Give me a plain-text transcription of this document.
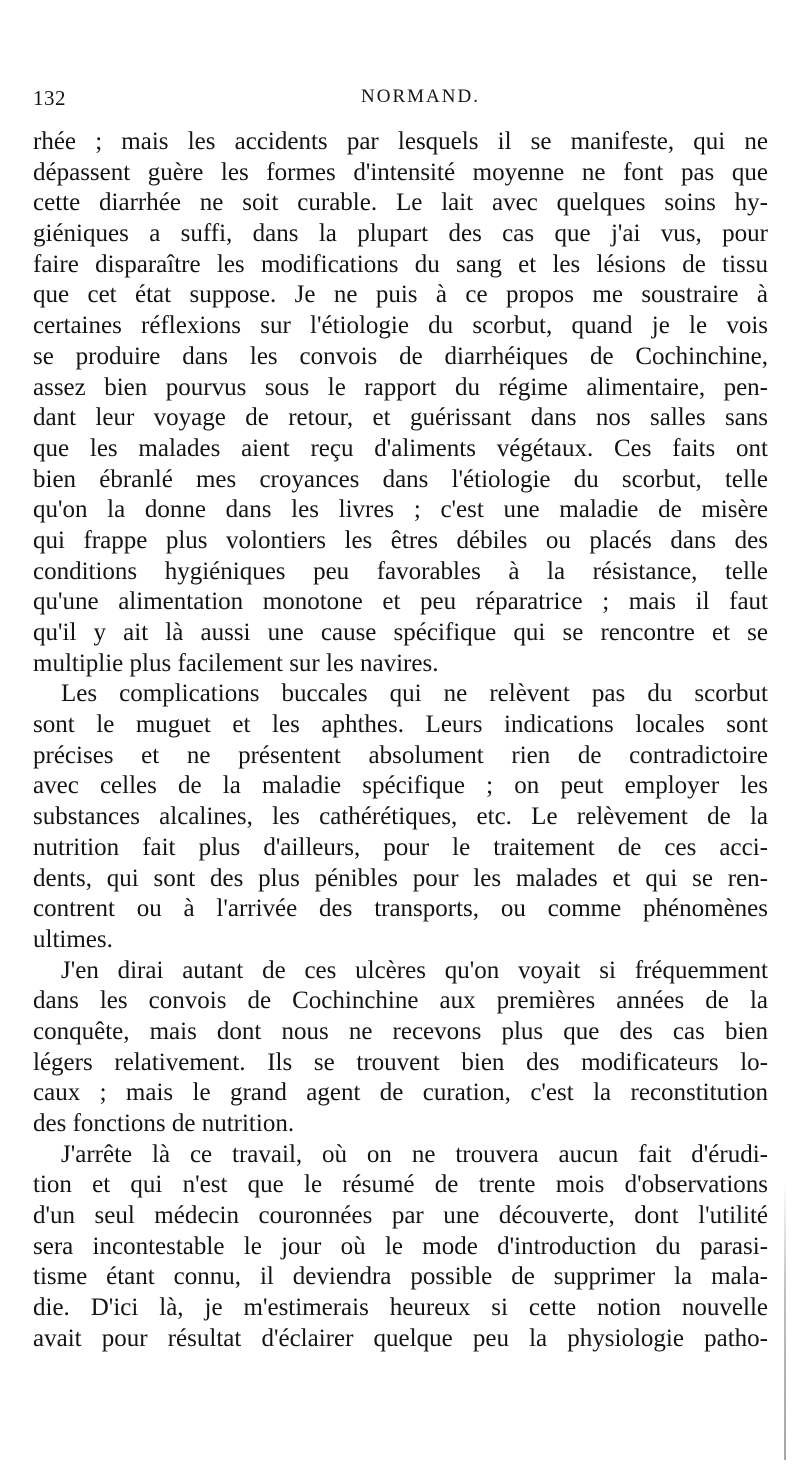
132	NORMAND.
rhée ; mais les accidents par lesquels il se manifeste, qui ne
dépassent guère les formes d'intensité moyenne ne font pas que
cette diarrhée ne soit curable. Le lait avec quelques soins hy-
giéniques a suffi, dans la plupart des cas que j'ai vus, pour
faire disparaître les modifications du sang et les lésions de tissu
que cet état suppose. Je ne puis à ce propos me soustraire à
certaines réflexions sur l'étiologie du scorbut, quand je le vois
se produire dans les convois de diarrhéiques de Cochinchine,
assez bien pourvus sous le rapport du régime alimentaire, pen-
dant leur voyage de retour, et guérissant dans nos salles sans
que les malades aient reçu d'aliments végétaux. Ces faits ont
bien ébranlé mes croyances dans l'étiologie du scorbut, telle
qu'on la donne dans les livres ; c'est une maladie de misère
qui frappe plus volontiers les êtres débiles ou placés dans des
conditions hygiéniques peu favorables à la résistance, telle
qu'une alimentation monotone et peu réparatrice ; mais il faut
qu'il y ait là aussi une cause spécifique qui se rencontre et se
multiplie plus facilement sur les navires.
Les complications buccales qui ne relèvent pas du scorbut
sont le muguet et les aphthes. Leurs indications locales sont
précises et ne présentent absolument rien de contradictoire
avec celles de la maladie spécifique ; on peut employer les
substances alcalines, les cathérétiques, etc. Le relèvement de la
nutrition fait plus d'ailleurs, pour le traitement de ces acci-
dents, qui sont des plus pénibles pour les malades et qui se ren-
contrent ou à l'arrivée des transports, ou comme phénomènes
ultimes.
J'en dirai autant de ces ulcères qu'on voyait si fréquemment
dans les convois de Cochinchine aux premières années de la
conquête, mais dont nous ne recevons plus que des cas bien
légers relativement. Ils se trouvent bien des modificateurs lo-
caux ; mais le grand agent de curation, c'est la reconstitution
des fonctions de nutrition.
J'arrête là ce travail, où on ne trouvera aucun fait d'érudi-
tion et qui n'est que le résumé de trente mois d'observations
d'un seul médecin couronnées par une découverte, dont l'utilité
sera incontestable le jour où le mode d'introduction du parasi-
tisme étant connu, il deviendra possible de supprimer la mala-
die. D'ici là, je m'estimerais heureux si cette notion nouvelle
avait pour résultat d'éclairer quelque peu la physiologie patho-
